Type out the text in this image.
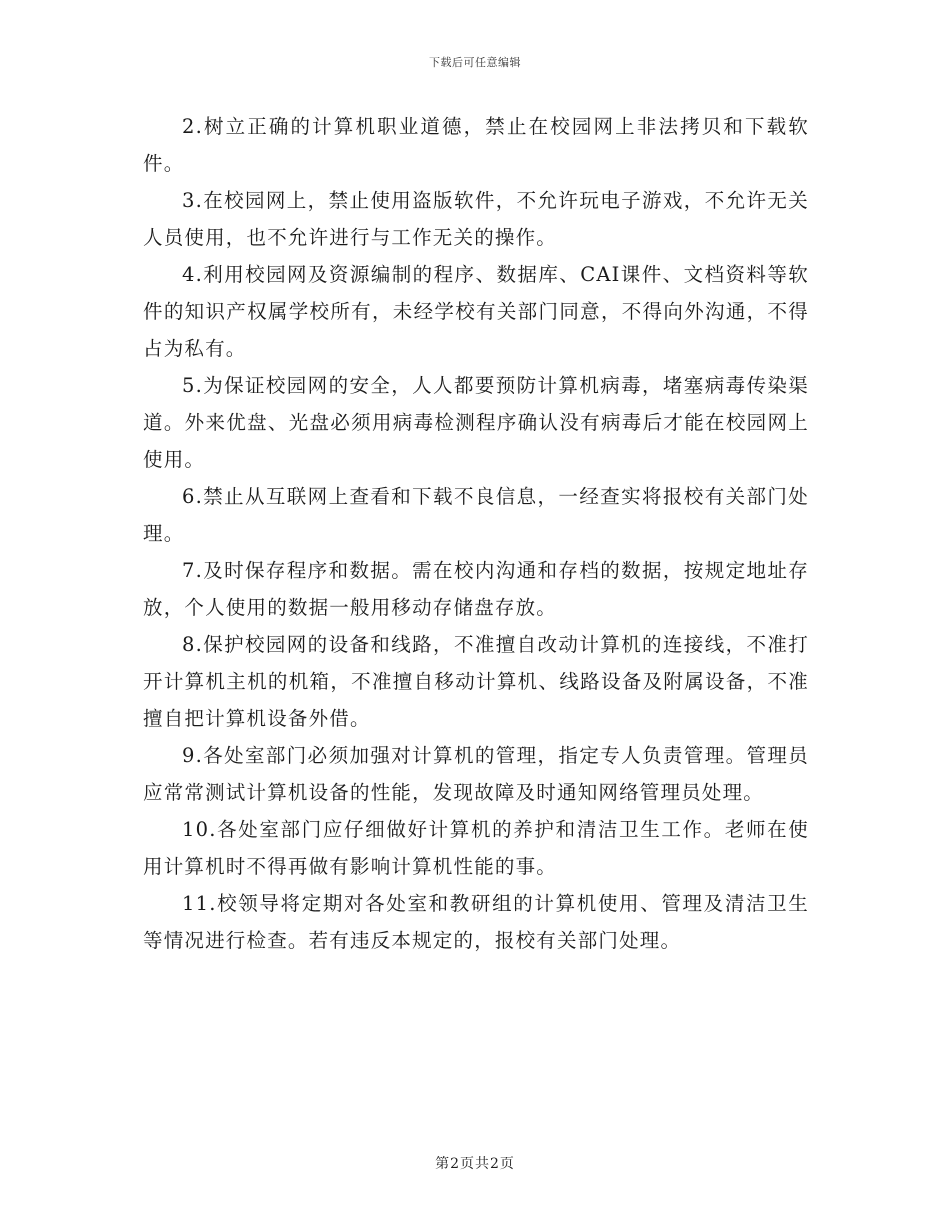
下载后可任意编辑

2.树立正确的计算机职业道德，禁止在校园网上非法拷贝和下载软件。

3.在校园网上，禁止使用盗版软件，不允许玩电子游戏，不允许无关人员使用，也不允许进行与工作无关的操作。

4.利用校园网及资源编制的程序、数据库、CAI课件、文档资料等软件的知识产权属学校所有，未经学校有关部门同意，不得向外沟通，不得占为私有。

5.为保证校园网的安全，人人都要预防计算机病毒，堵塞病毒传染渠道。外来优盘、光盘必须用病毒检测程序确认没有病毒后才能在校园网上使用。

6.禁止从互联网上查看和下载不良信息，一经查实将报校有关部门处理。

7.及时保存程序和数据。需在校内沟通和存档的数据，按规定地址存放，个人使用的数据一般用移动存储盘存放。

8.保护校园网的设备和线路，不准擅自改动计算机的连接线，不准打开计算机主机的机箱，不准擅自移动计算机、线路设备及附属设备，不准擅自把计算机设备外借。

9.各处室部门必须加强对计算机的管理，指定专人负责管理。管理员应常常测试计算机设备的性能，发现故障及时通知网络管理员处理。

10.各处室部门应仔细做好计算机的养护和清洁卫生工作。老师在使用计算机时不得再做有影响计算机性能的事。

11.校领导将定期对各处室和教研组的计算机使用、管理及清洁卫生等情况进行检查。若有违反本规定的，报校有关部门处理。

第2页共2页
